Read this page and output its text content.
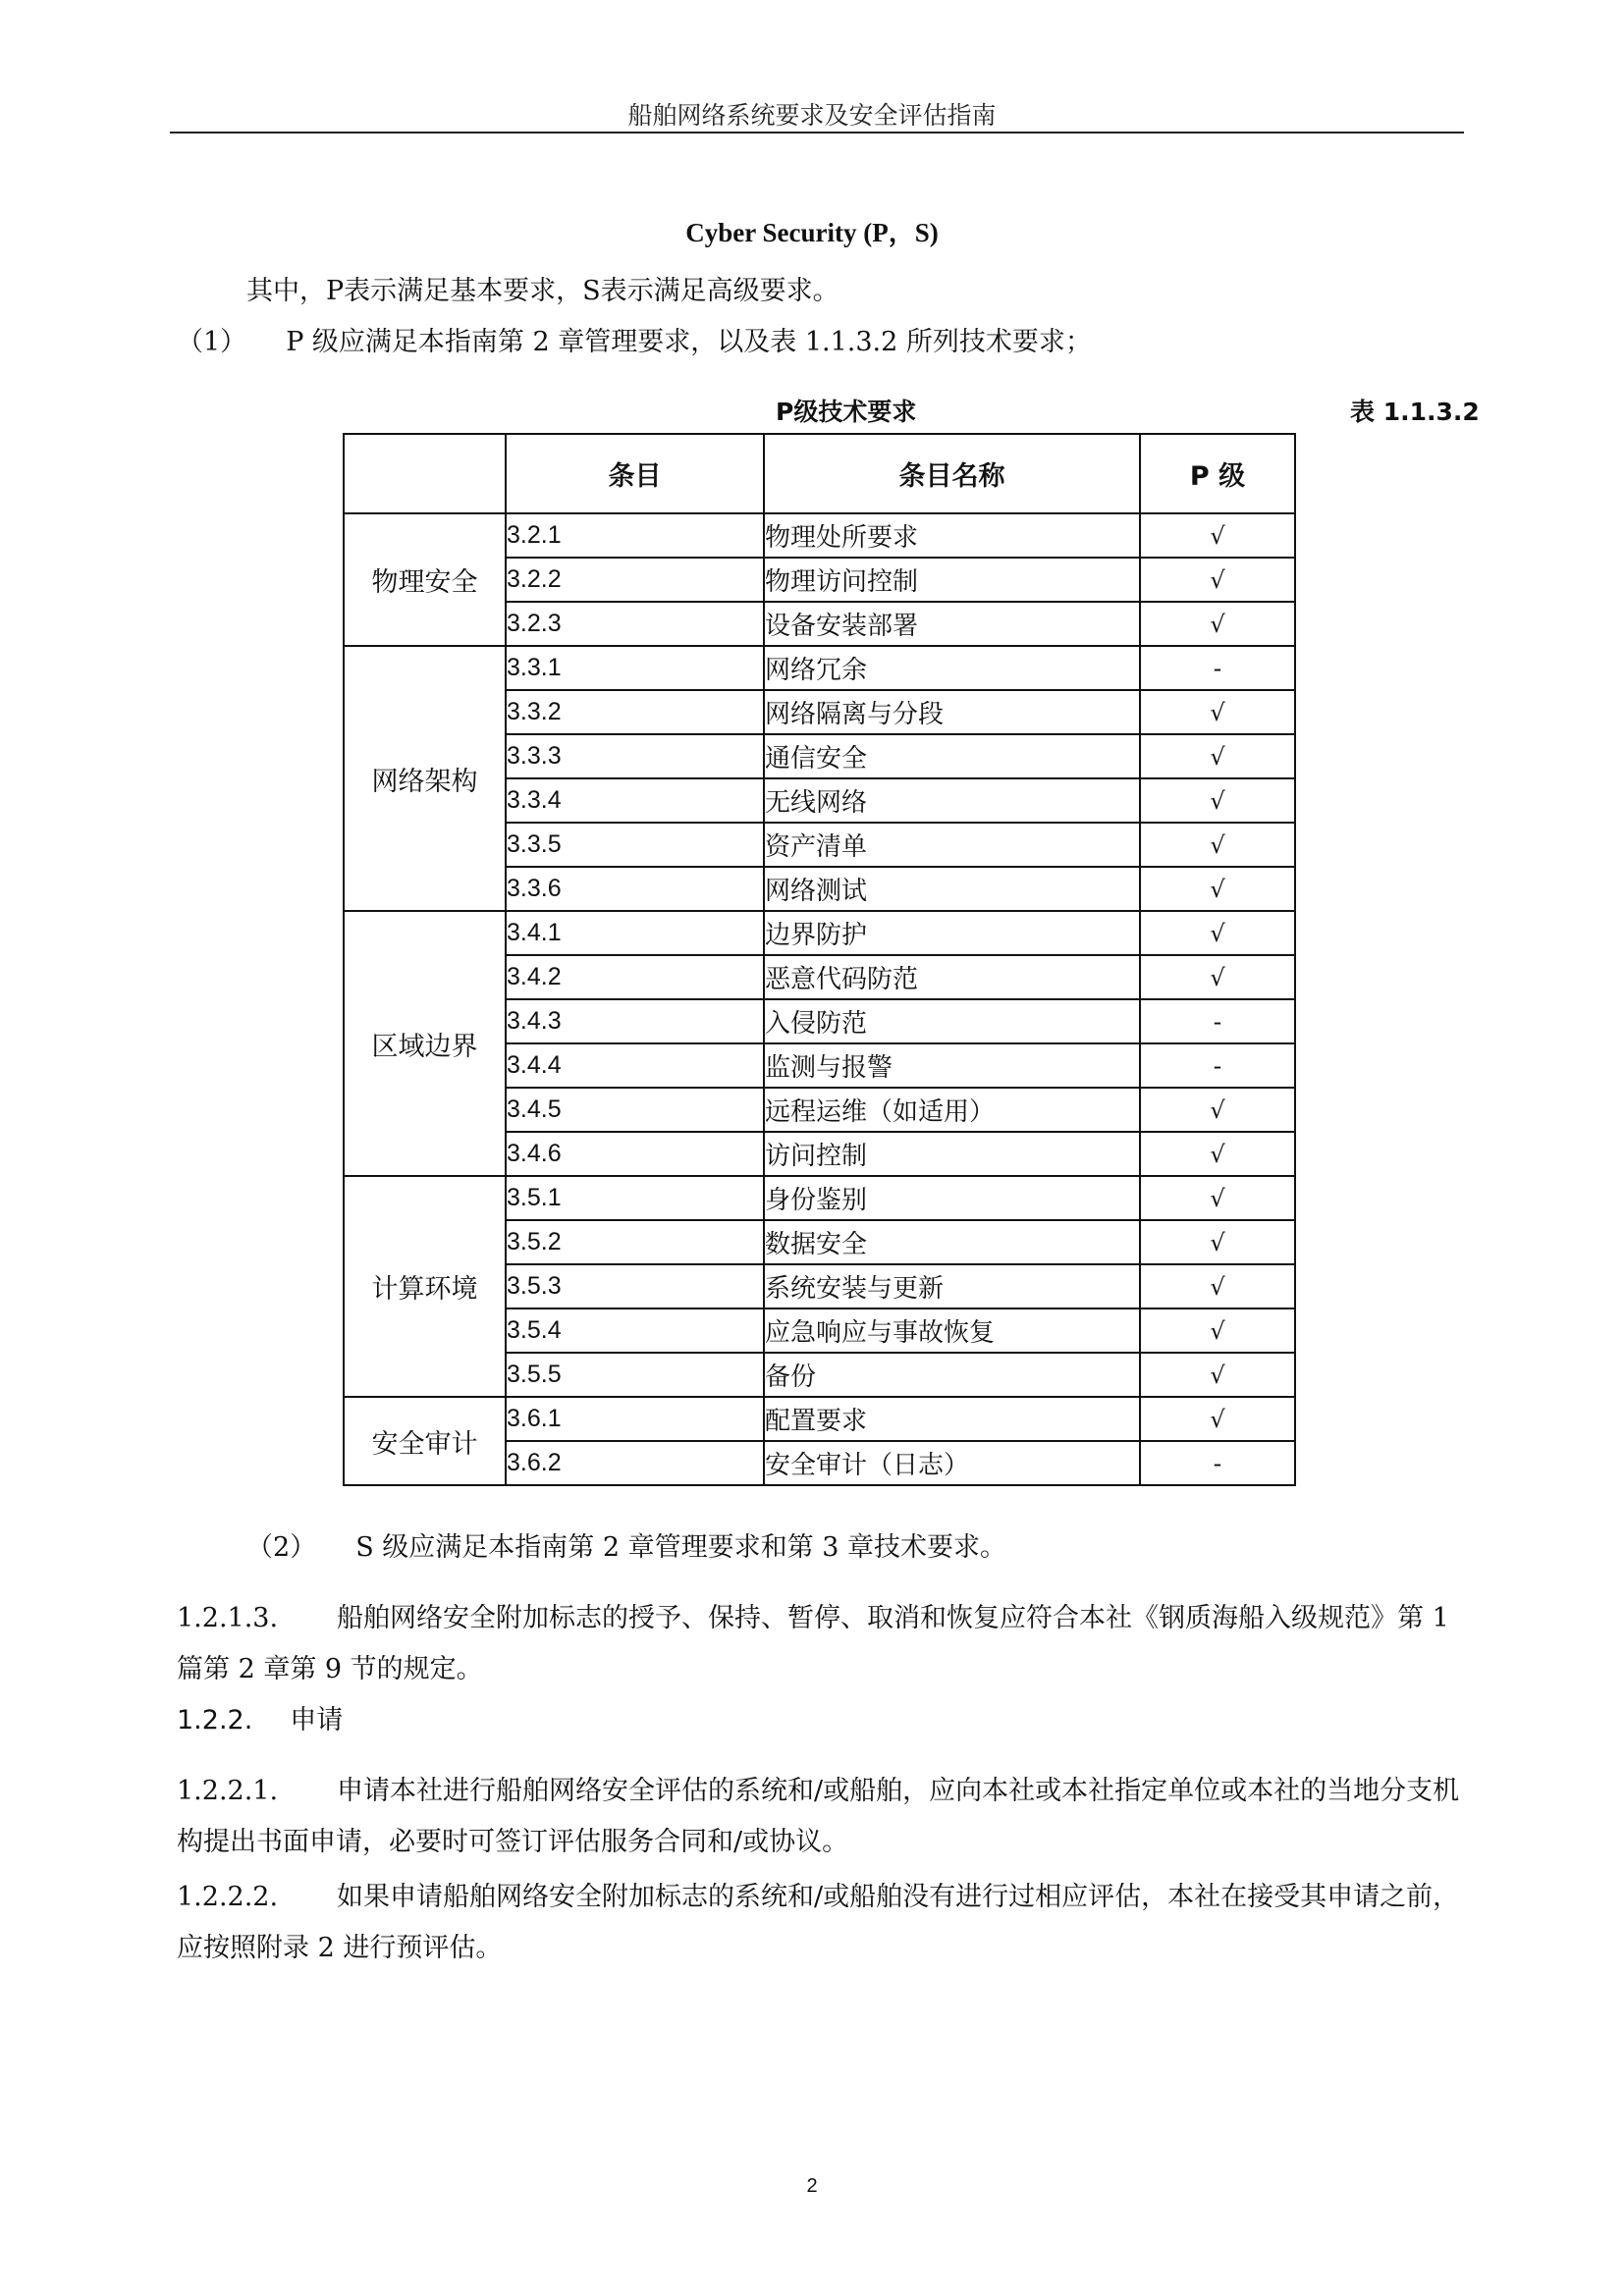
船舶网络系统要求及安全评估指南
Cyber Security (P，S)
其中，P表示满足基本要求，S表示满足高级要求。
（1） P 级应满足本指南第 2 章管理要求，以及表 1.1.3.2 所列技术要求；
P级技术要求	表 1.1.3.2
	条目	条目名称	P 级
物理安全	3.2.1	物理处所要求	√
	3.2.2	物理访问控制	√
	3.2.3	设备安装部署	√
网络架构	3.3.1	网络冗余	-
	3.3.2	网络隔离与分段	√
	3.3.3	通信安全	√
	3.3.4	无线网络	√
	3.3.5	资产清单	√
	3.3.6	网络测试	√
区域边界	3.4.1	边界防护	√
	3.4.2	恶意代码防范	√
	3.4.3	入侵防范	-
	3.4.4	监测与报警	-
	3.4.5	远程运维（如适用）	√
	3.4.6	访问控制	√
计算环境	3.5.1	身份鉴别	√
	3.5.2	数据安全	√
	3.5.3	系统安装与更新	√
	3.5.4	应急响应与事故恢复	√
	3.5.5	备份	√
安全审计	3.6.1	配置要求	√
	3.6.2	安全审计（日志）	-
（2） S 级应满足本指南第 2 章管理要求和第 3 章技术要求。
1.2.1.3. 船舶网络安全附加标志的授予、保持、暂停、取消和恢复应符合本社《钢质海船入级规范》第 1 篇第 2 章第 9 节的规定。
1.2.2. 申请
1.2.2.1. 申请本社进行船舶网络安全评估的系统和/或船舶，应向本社或本社指定单位或本社的当地分支机构提出书面申请，必要时可签订评估服务合同和/或协议。
1.2.2.2. 如果申请船舶网络安全附加标志的系统和/或船舶没有进行过相应评估，本社在接受其申请之前，应按照附录 2 进行预评估。
2
